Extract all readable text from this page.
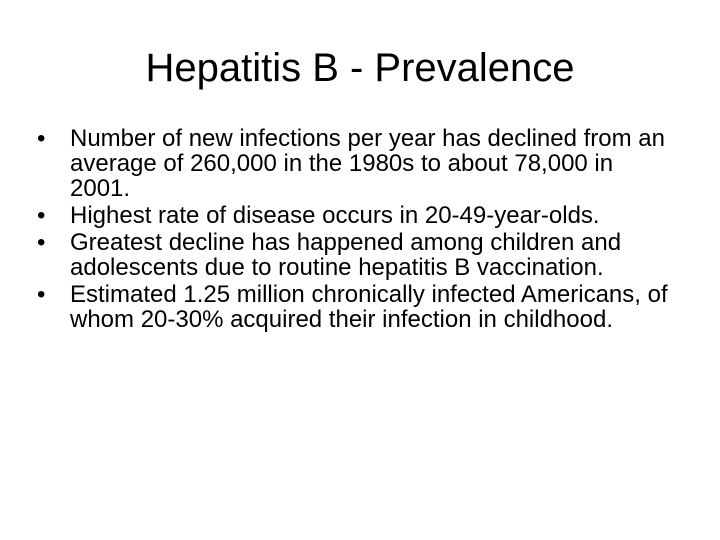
Hepatitis B - Prevalence
•	Number of new infections per year has declined from an average of 260,000 in the 1980s to about 78,000 in 2001.
•	Highest rate of disease occurs in 20-49-year-olds.
•	Greatest decline has happened among children and adolescents due to routine hepatitis B vaccination.
•	Estimated 1.25 million chronically infected Americans, of whom 20-30% acquired their infection in childhood.
